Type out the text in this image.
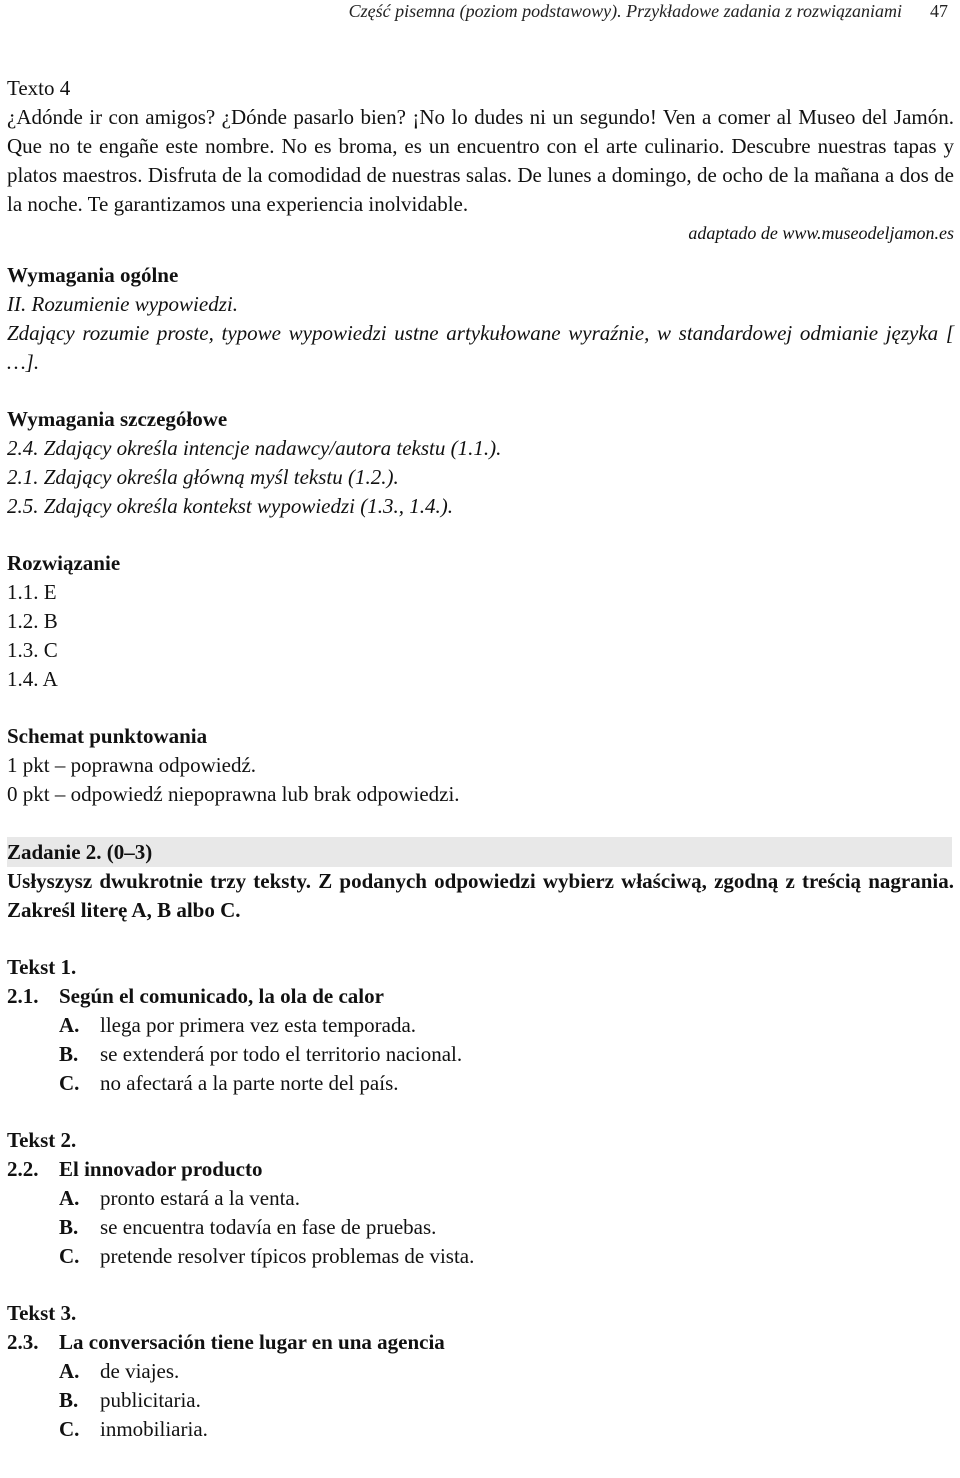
Część pisemna (poziom podstawowy). Przykładowe zadania z rozwiązaniami 47

Texto 4

¿Adónde ir con amigos? ¿Dónde pasarlo bien? ¡No lo dudes ni un segundo! Ven a comer al Museo del Jamón. Que no te engañe este nombre. No es broma, es un encuentro con el arte culinario. Descubre nuestras tapas y platos maestros. Disfruta de la comodidad de nuestras salas. De lunes a domingo, de ocho de la mañana a dos de la noche. Te garantizamos una experiencia inolvidable.

adaptado de www.museodeljamon.es

Wymagania ogólne

II. Rozumienie wypowiedzi.

Zdający rozumie proste, typowe wypowiedzi ustne artykułowane wyraźnie, w standardowej odmianie języka [ …].

Wymagania szczegółowe

2.4. Zdający określa intencje nadawcy/autora tekstu (1.1.).

2.1. Zdający określa główną myśl tekstu (1.2.).

2.5. Zdający określa kontekst wypowiedzi (1.3., 1.4.).

Rozwiązanie

1.1. E

1.2. B

1.3. C

1.4. A

Schemat punktowania

1 pkt – poprawna odpowiedź.

0 pkt – odpowiedź niepoprawna lub brak odpowiedzi.

Zadanie 2. (0–3)

Usłyszysz dwukrotnie trzy teksty. Z podanych odpowiedzi wybierz właściwą, zgodną z treścią nagrania. Zakreśl literę A, B albo C.

Tekst 1.

2.1. Según el comunicado, la ola de calor
A. llega por primera vez esta temporada.
B.	se extenderá por todo el territorio nacional.
C. no afectará a la parte norte del país.

Tekst 2.

2.2. El innovador producto
A. pronto estará a la venta.
B.	se encuentra todavía en fase de pruebas.
C. pretende resolver típicos problemas de vista.

Tekst 3.

2.3. La conversación tiene lugar en una agencia
A. de viajes.
B.	publicitaria.
C. inmobiliaria.
